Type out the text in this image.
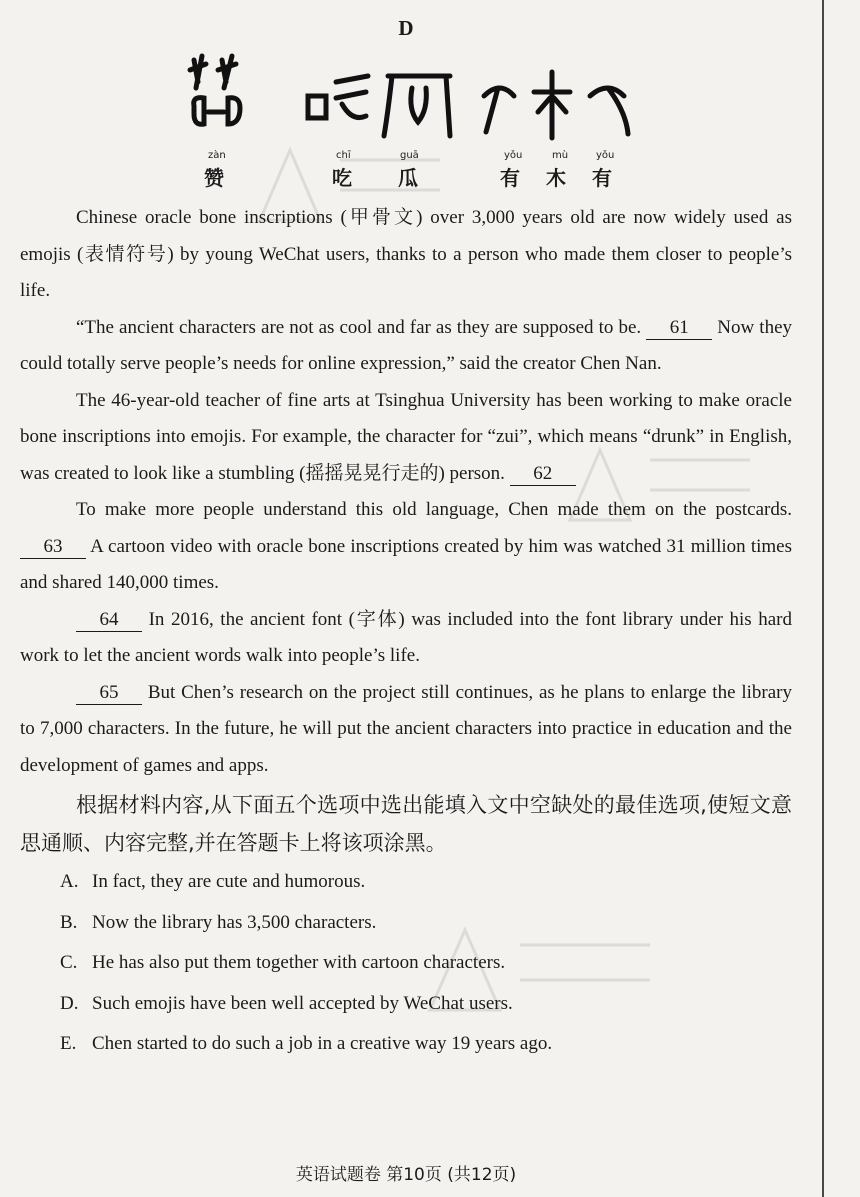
D
zàn
赞
chī	guā
吃 瓜
yǒu	mù	yǒu
有 木 有

Chinese oracle bone inscriptions (甲骨文) over 3,000 years old are now widely used as emojis (表情符号) by young WeChat users, thanks to a person who made them closer to people’s life.

“The ancient characters are not as cool and far as they are supposed to be. 61 Now they could totally serve people’s needs for online expression,” said the creator Chen Nan.

The 46-year-old teacher of fine arts at Tsinghua University has been working to make oracle bone inscriptions into emojis. For example, the character for “zui”, which means “drunk” in English, was created to look like a stumbling (摇摇晃晃行走的) person. 62

To make more people understand this old language, Chen made them on the postcards. 63 A cartoon video with oracle bone inscriptions created by him was watched 31 million times and shared 140,000 times.

64 In 2016, the ancient font (字体) was included into the font library under his hard work to let the ancient words walk into people’s life.

65 But Chen’s research on the project still continues, as he plans to enlarge the library to 7,000 characters. In the future, he will put the ancient characters into practice in education and the development of games and apps.

根据材料内容,从下面五个选项中选出能填入文中空缺处的最佳选项,使短文意思通顺、内容完整,并在答题卡上将该项涂黑。

A. In fact, they are cute and humorous.
B. Now the library has 3,500 characters.
C. He has also put them together with cartoon characters.
D. Such emojis have been well accepted by WeChat users.
E. Chen started to do such a job in a creative way 19 years ago.
英语试题卷 第10页 (共12页)
